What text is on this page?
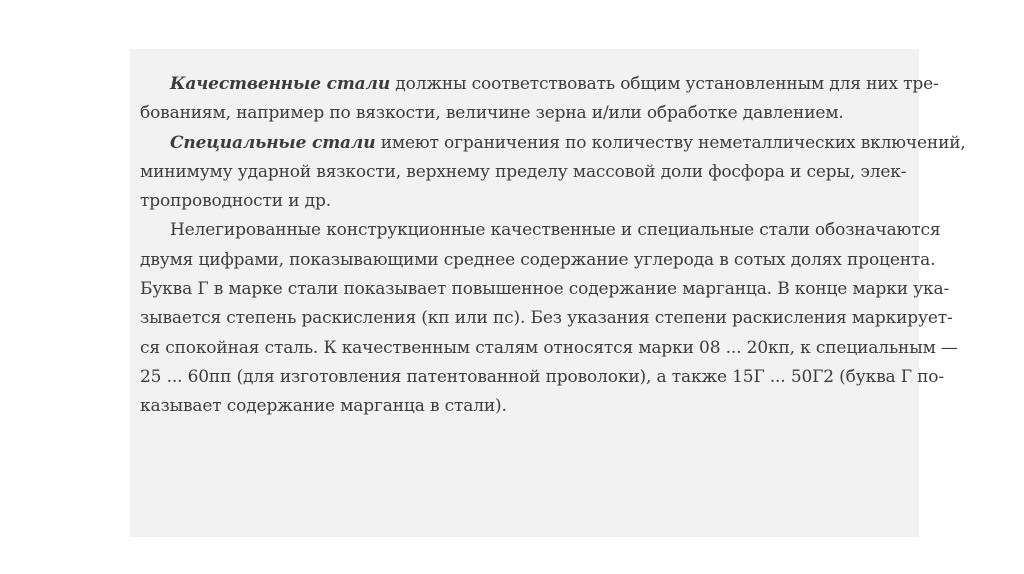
Качественные стали должны соответствовать общим установленным для них тре-
бованиям, например по вязкости, величине зерна и/или обработке давлением.
Специальные стали имеют ограничения по количеству неметаллических включений,
минимуму ударной вязкости, верхнему пределу массовой доли фосфора и серы, элек-
тропроводности и др.
Нелегированные конструкционные качественные и специальные стали обозначаются
двумя цифрами, показывающими среднее содержание углерода в сотых долях процента.
Буква Г в марке стали показывает повышенное содержание марганца. В конце марки ука-
зывается степень раскисления (кп или пс). Без указания степени раскисления маркирует-
ся спокойная сталь. К качественным сталям относятся марки 08 ... 20кп, к специальным —
25 ... 60пп (для изготовления патентованной проволоки), а также 15Г ... 50Г2 (буква Г по-
казывает содержание марганца в стали).
